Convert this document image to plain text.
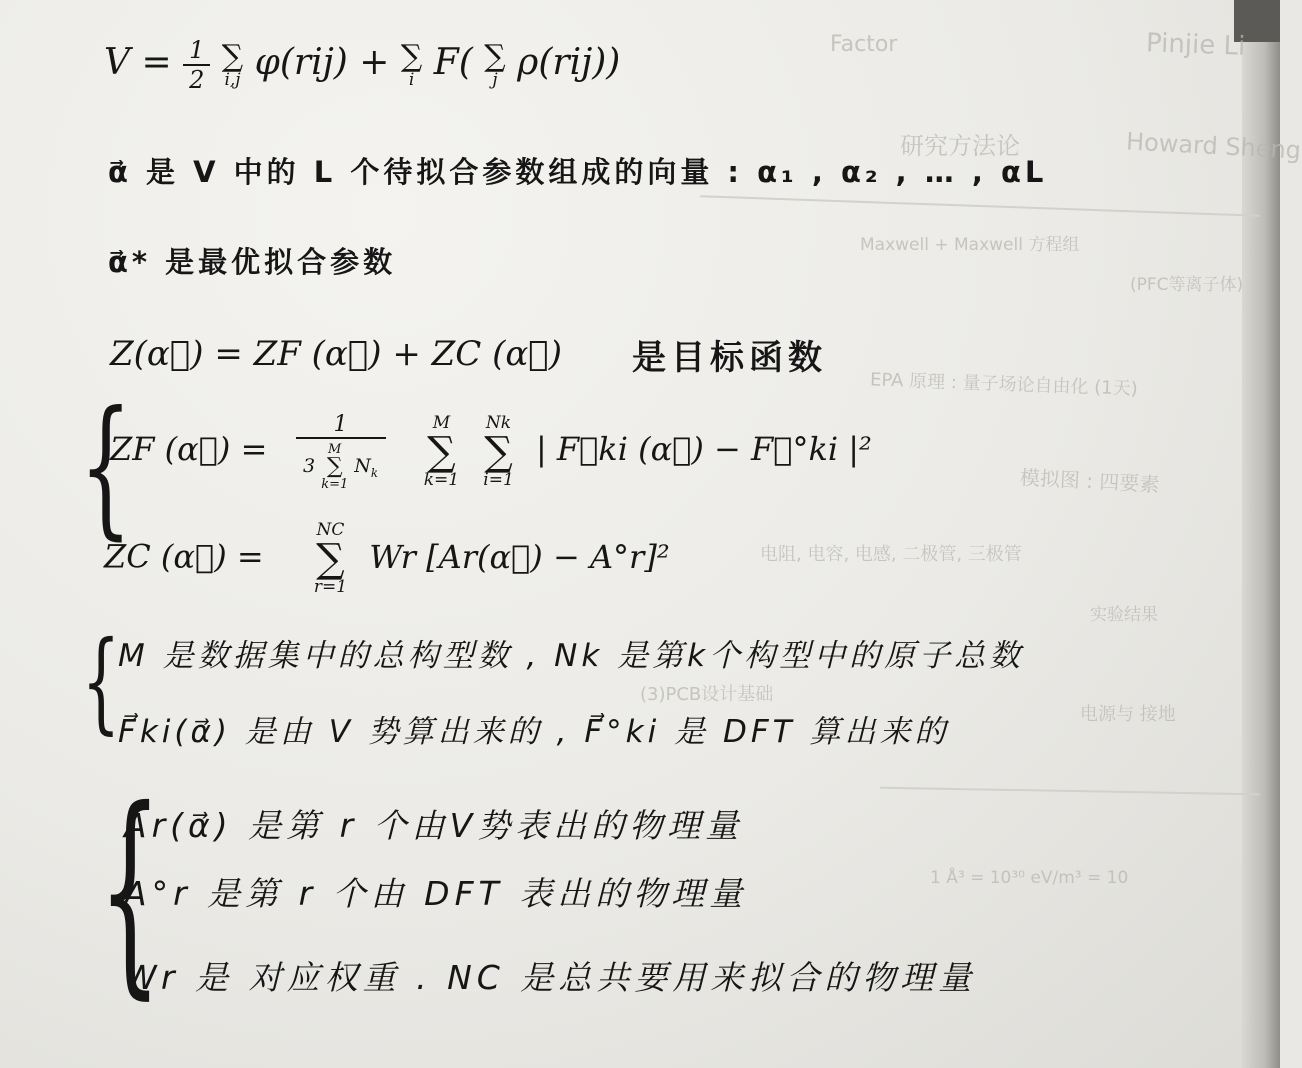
Pinjie Li
Factor
Howard Sheng
研究方法论
Maxwell + Maxwell 方程组
(PFC等离子体)
EPA 原理 : 量子场论自由化 (1天)
模拟图 : 四要素
电阻, 电容, 电感, 二极管, 三极管
实验结果
(3)PCB设计基础
电源与 接地
1 Å³ = 10³⁰ eV/m³ = 10
$V = \frac{1}{2}$
∑
i,j φ(rij) + ∑
i F( ∑
j ρ(rij))
α⃗ 是 V 中的 L 个待拟合参数组成的向量 : α₁ , α₂ , … , αL
α⃗* 是最优拟合参数
Z(α⃗) = ZF (α⃗) + ZC (α⃗) 是目标函数
{
ZF (α⃗) = 1
3
M
∑
k=1
$N_k$
	M
∑
k=1

Nk
∑
i=1
| F⃗ki (α⃗) − F⃗°ki |²
ZC (α⃗) =
NC
∑
r=1
Wr [Ar(α⃗) − A°r]²
{
M 是数据集中的总构型数 , Nk 是第k个构型中的原子总数
F⃗ki(α⃗) 是由 V 势算出来的 , F⃗°ki 是 DFT 算出来的
{
Ar(α⃗) 是第 r 个由V势表出的物理量
A°r 是第 r 个由 DFT 表出的物理量
Wr 是 对应权重 . NC 是总共要用来拟合的物理量
